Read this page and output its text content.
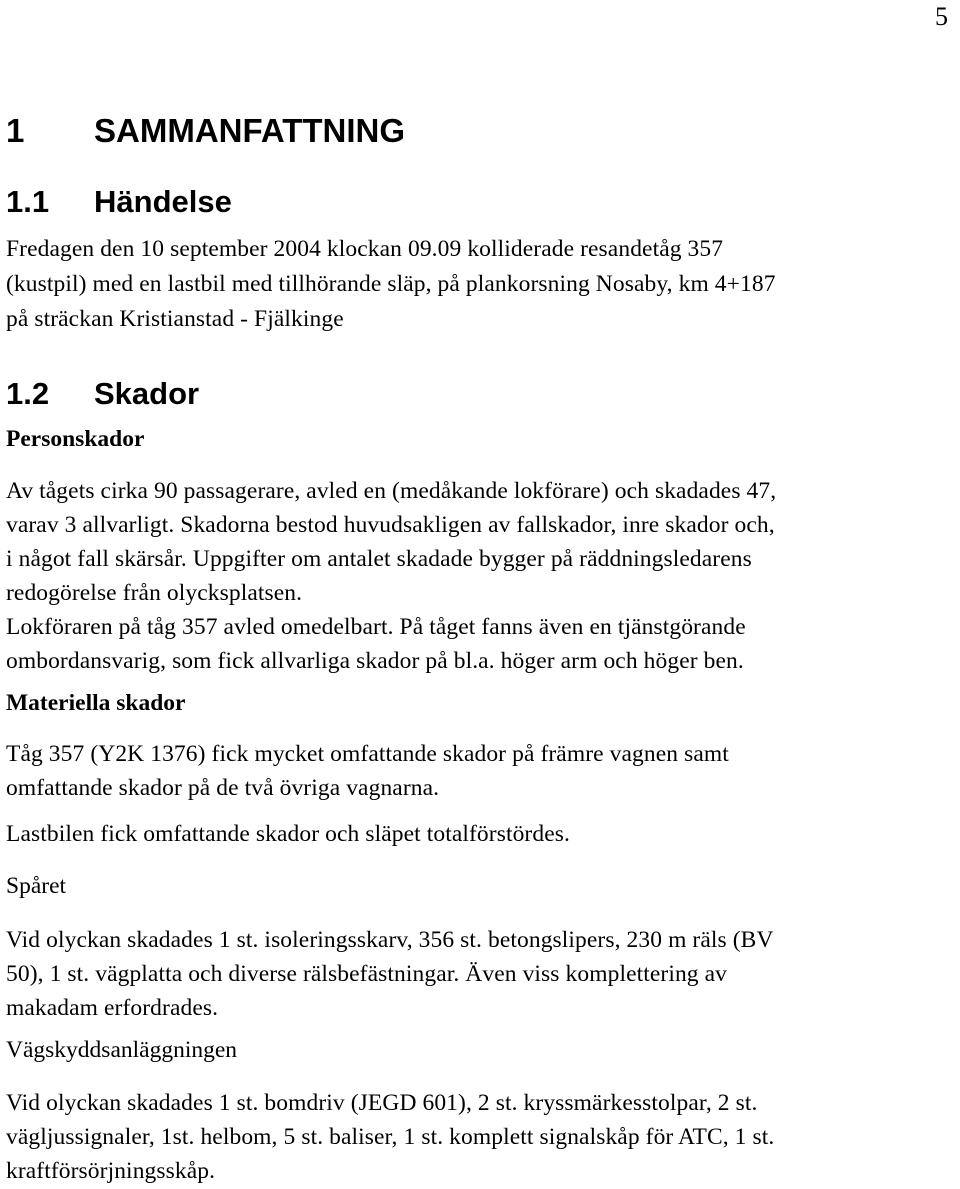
5
1 SAMMANFATTNING
1.1 Händelse
Fredagen den 10 september 2004 klockan 09.09 kolliderade resandetåg 357
(kustpil) med en lastbil med tillhörande släp, på plankorsning Nosaby, km 4+187
på sträckan Kristianstad - Fjälkinge
1.2 Skador
Personskador
Av tågets cirka 90 passagerare, avled en (medåkande lokförare) och skadades 47,
varav 3 allvarligt. Skadorna bestod huvudsakligen av fallskador, inre skador och,
i något fall skärsår. Uppgifter om antalet skadade bygger på räddningsledarens
redogörelse från olycksplatsen.
Lokföraren på tåg 357 avled omedelbart. På tåget fanns även en tjänstgörande
ombordansvarig, som fick allvarliga skador på bl.a. höger arm och höger ben.
Materiella skador
Tåg 357 (Y2K 1376) fick mycket omfattande skador på främre vagnen samt
omfattande skador på de två övriga vagnarna.
Lastbilen fick omfattande skador och släpet totalförstördes.
Spåret
Vid olyckan skadades 1 st. isoleringsskarv, 356 st. betongslipers, 230 m räls (BV
50), 1 st. vägplatta och diverse rälsbefästningar. Även viss komplettering av
makadam erfordrades.
Vägskyddsanläggningen
Vid olyckan skadades 1 st. bomdriv (JEGD 601), 2 st. kryssmärkesstolpar, 2 st.
vägljussignaler, 1st. helbom, 5 st. baliser, 1 st. komplett signalskåp för ATC, 1 st.
kraftförsörjningsskåp.
